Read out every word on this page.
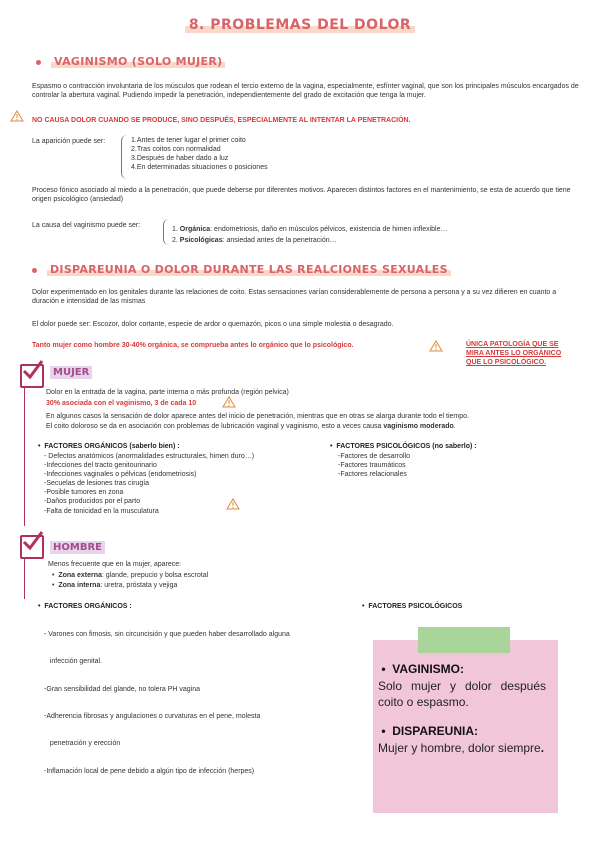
8. PROBLEMAS DEL DOLOR
VAGINISMO (SOLO MUJER)
Espasmo o contracción involuntaria de los músculos que rodean el tercio externo de la vagina, especialmente, esfínter vaginal, que son los principales músculos encargados de controlar la abertura vaginal. Pudiendo impedir la penetración, independientemente del grado de excitación que tenga la mujer.
NO CAUSA DOLOR CUANDO SE PRODUCE, SINO DESPUÉS, ESPECIALMENTE AL INTENTAR LA PENETRACIÓN.
La aparición puede ser:	1.Antes de tener lugar el primer coito
2.Tras coitos con normalidad
3.Después de haber dado a luz
4.En determinadas situaciones o posiciones
Proceso fónico asociado al miedo a la penetración, que puede deberse por diferentes motivos. Aparecen distintos factores en el mantenimiento, se esta de acuerdo que tiene origen psicológico (ansiedad)
La causa del vaginismo puede ser:
1. Orgánica: endometriosis, daño en músculos pélvicos, existencia de himen inflexible…
2. Psicológicas: ansiedad antes de la penetración…
DISPAREUNIA O DOLOR DURANTE LAS REALCIONES SEXUALES
Dolor experimentado en los genitales durante las relaciones de coito. Estas sensaciones varían considerablemente de persona a persona y a su vez difieren en cuanto a duración e intensidad de las mismas
El dolor puede ser: Escozor, dolor cortante, especie de ardor o quemazón, picos o una simple molestia o desagrado.
Tanto mujer como hombre 30-40% orgánica, se comprueba antes lo orgánico que lo psicológico.	ÚNICA PATOLOGÍA QUE SE MIRA ANTES LO ORGÁNICO QUE LO PSICOLÓGICO.
MUJER
Dolor en la entrada de la vagina, parte interna o más profunda (región pelvica)
30% asociada con el vaginismo, 3 de cada 10
En algunos casos la sensación de dolor aparece antes del inicio de penetración, mientras que en otras se alarga durante todo el tiempo.
El coito doloroso se da en asociación con problemas de lubricación vaginal y vaginismo, esto a veces causa vaginismo moderado.
•  FACTORES ORGÁNICOS (saberlo bien) :
- Defectos anatómicos (anormalidades estructurales, himen duro…)
-Infecciones del tracto genitourinario
-Infecciones vaginales o pélvicas (endometriosis)
-Secuelas de lesiones tras cirugía
-Posible tumores en zona
-Daños producidos por el parto
-Falta de tonicidad en la musculatura
•  FACTORES PSICOLÓGICOS (no saberlo) :
-Factores de desarrollo
-Factores traumáticos
-Factores relacionales
HOMBRE
Menos frecuente que en la mujer, aparece:
•  Zona externa: glande, prepucio y bolsa escrotal
•  Zona interna: uretra, próstata y vejiga
•  FACTORES ORGÁNICOS :

- Varones con fimosis, sin circuncisión y que pueden haber desarrollado alguna

infección genital.

-Gran sensibilidad del glande, no tolera PH vagina

-Adherencia fibrosas y angulaciones o curvaturas en el pene, molesta

penetración y erección

-Inflamación local de pene debido a algún tipo de infección (herpes)

•  FACTORES PSICOLÓGICOS
•  VAGINISMO:
Solo mujer y dolor después coito o espasmo.
•  DISPAREUNIA:
Mujer y hombre, dolor siempre.
